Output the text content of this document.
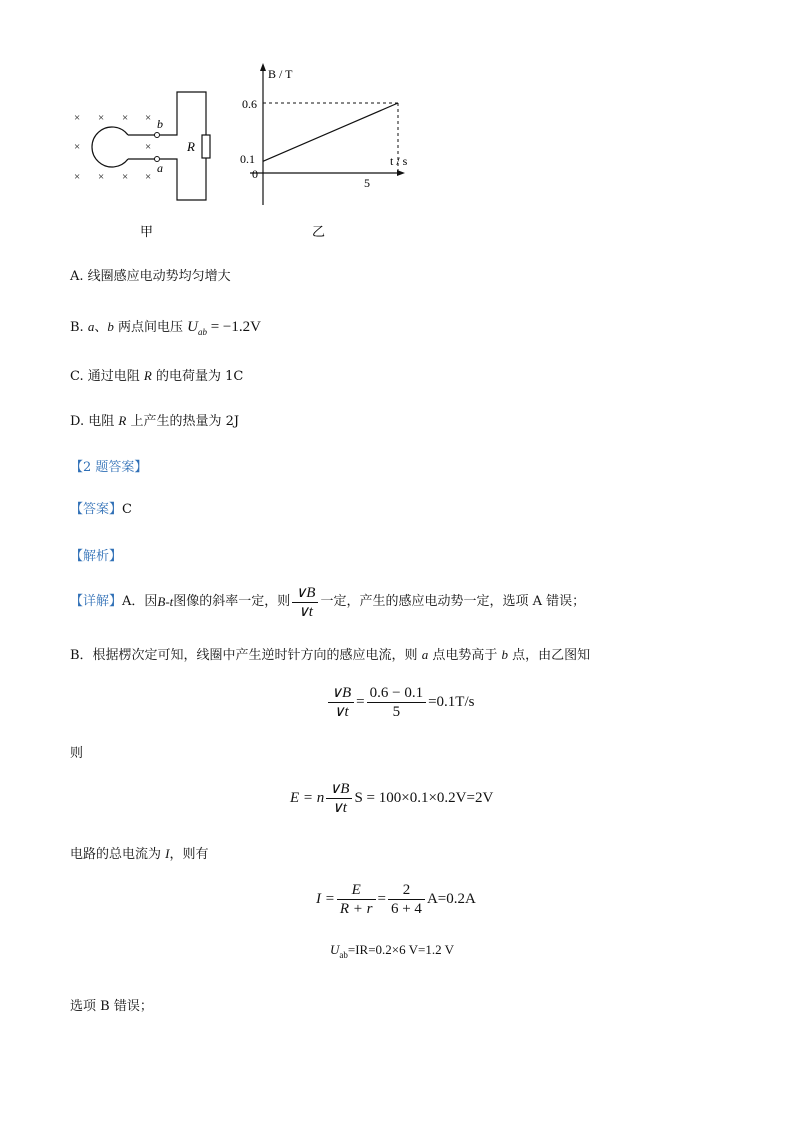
× × × ×
×	×
× × × ×
b
a
R
甲
B / T
t / s
0
0.6
0.1
5
乙
A. 线圈感应电动势均匀增大
B. a、b 两点间电压 $U_{ab} = -1.2V$
C. 通过电阻 R 的电荷量为 1C
D. 电阻 R 上产生的热量为 2J
【2 题答案】
【答案】C
【解析】
【详解】 A．因 B-t 图像的斜率一定，则 $\frac{\vee B}{\vee t}$ 一定，产生的感应电动势一定，选项 A 错误；
B．根据楞次定可知，线圈中产生逆时针方向的感应电流，则 a 点电势高于 b 点，由乙图知
$\frac{\vee B}{\vee t} = \frac{0.6 - 0.1}{5} =0.1T/s$
则
E = n $\frac{\vee B}{\vee t}$ S = 100×0.1×0.2V=2V
电路的总电流为 I，则有
$I = \frac{E}{R + r} = \frac{2}{6 + 4} A=0.2A$
$U_{ab}=IR=0.2\times 6$ V=1.2 V
选项 B 错误；
